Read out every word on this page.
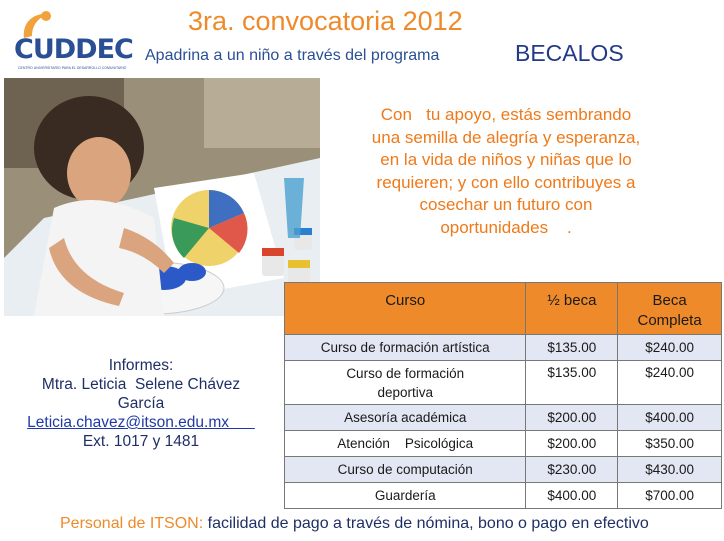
CUDDEC
CENTRO UNIVERSITARIO PARA EL DESARROLLO COMUNITARIO
3ra. convocatoria 2012
Apadrina a un niño a través del programa	BECALOS
Con   tu apoyo, estás sembrando
una semilla de alegría y esperanza,
en la vida de niños y niñas que lo
requieren; y con ello contribuyes a
cosechar un futuro con
oportunidades    .
Curso	½ beca	Beca Completa
Curso de formación artística	$135.00	$240.00
Curso de formación deportiva	$135.00	$240.00
Asesoría académica	$200.00	$400.00
Atención    Psicológica	$200.00	$350.00
Curso de computación	$230.00	$430.00
Guardería	$400.00	$700.00
Informes:
Mtra. Leticia  Selene Chávez
García
Leticia.chavez@itson.edu.mx
Ext. 1017 y 1481
Personal de ITSON: facilidad de pago a través de nómina, bono o pago en efectivo
